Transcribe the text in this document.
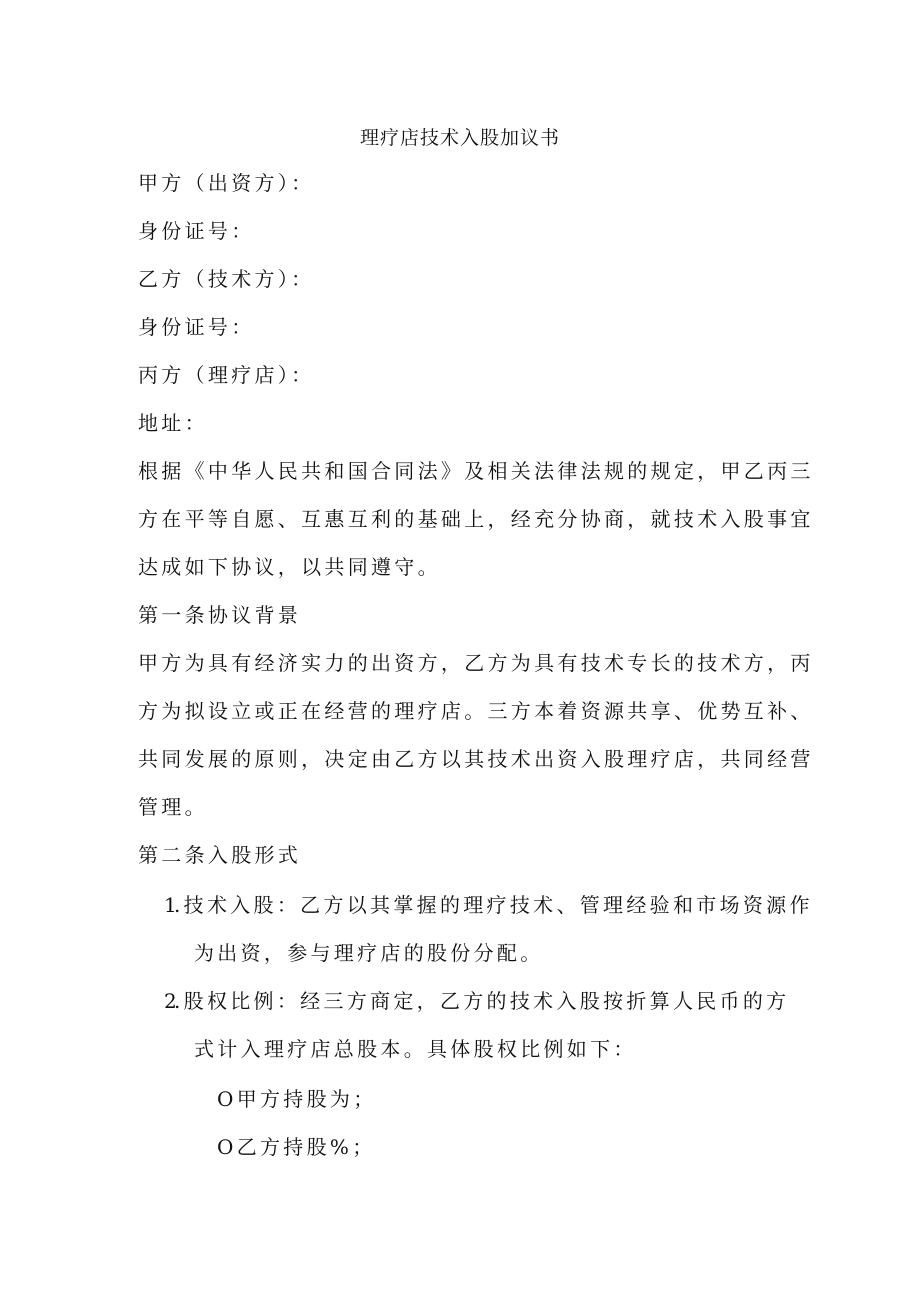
理疗店技术入股加议书
甲方（出资方）：
身份证号：
乙方（技术方）：
身份证号：
丙方（理疗店）：
地址：
根据《中华人民共和国合同法》及相关法律法规的规定，甲乙丙三
方在平等自愿、互惠互利的基础上，经充分协商，就技术入股事宜
达成如下协议，以共同遵守。
第一条协议背景
甲方为具有经济实力的出资方，乙方为具有技术专长的技术方，丙
方为拟设立或正在经营的理疗店。三方本着资源共享、优势互补、
共同发展的原则，决定由乙方以其技术出资入股理疗店，共同经营
管理。
第二条入股形式
1
.技术入股：乙方以其掌握的理疗技术、管理经验和市场资源作
为出资，参与理疗店的股份分配。
2
.股权比例：经三方商定，乙方的技术入股按折算人民币的方
式计入理疗店总股本。具体股权比例如下：
O甲方持股为；
O乙方持股%；
